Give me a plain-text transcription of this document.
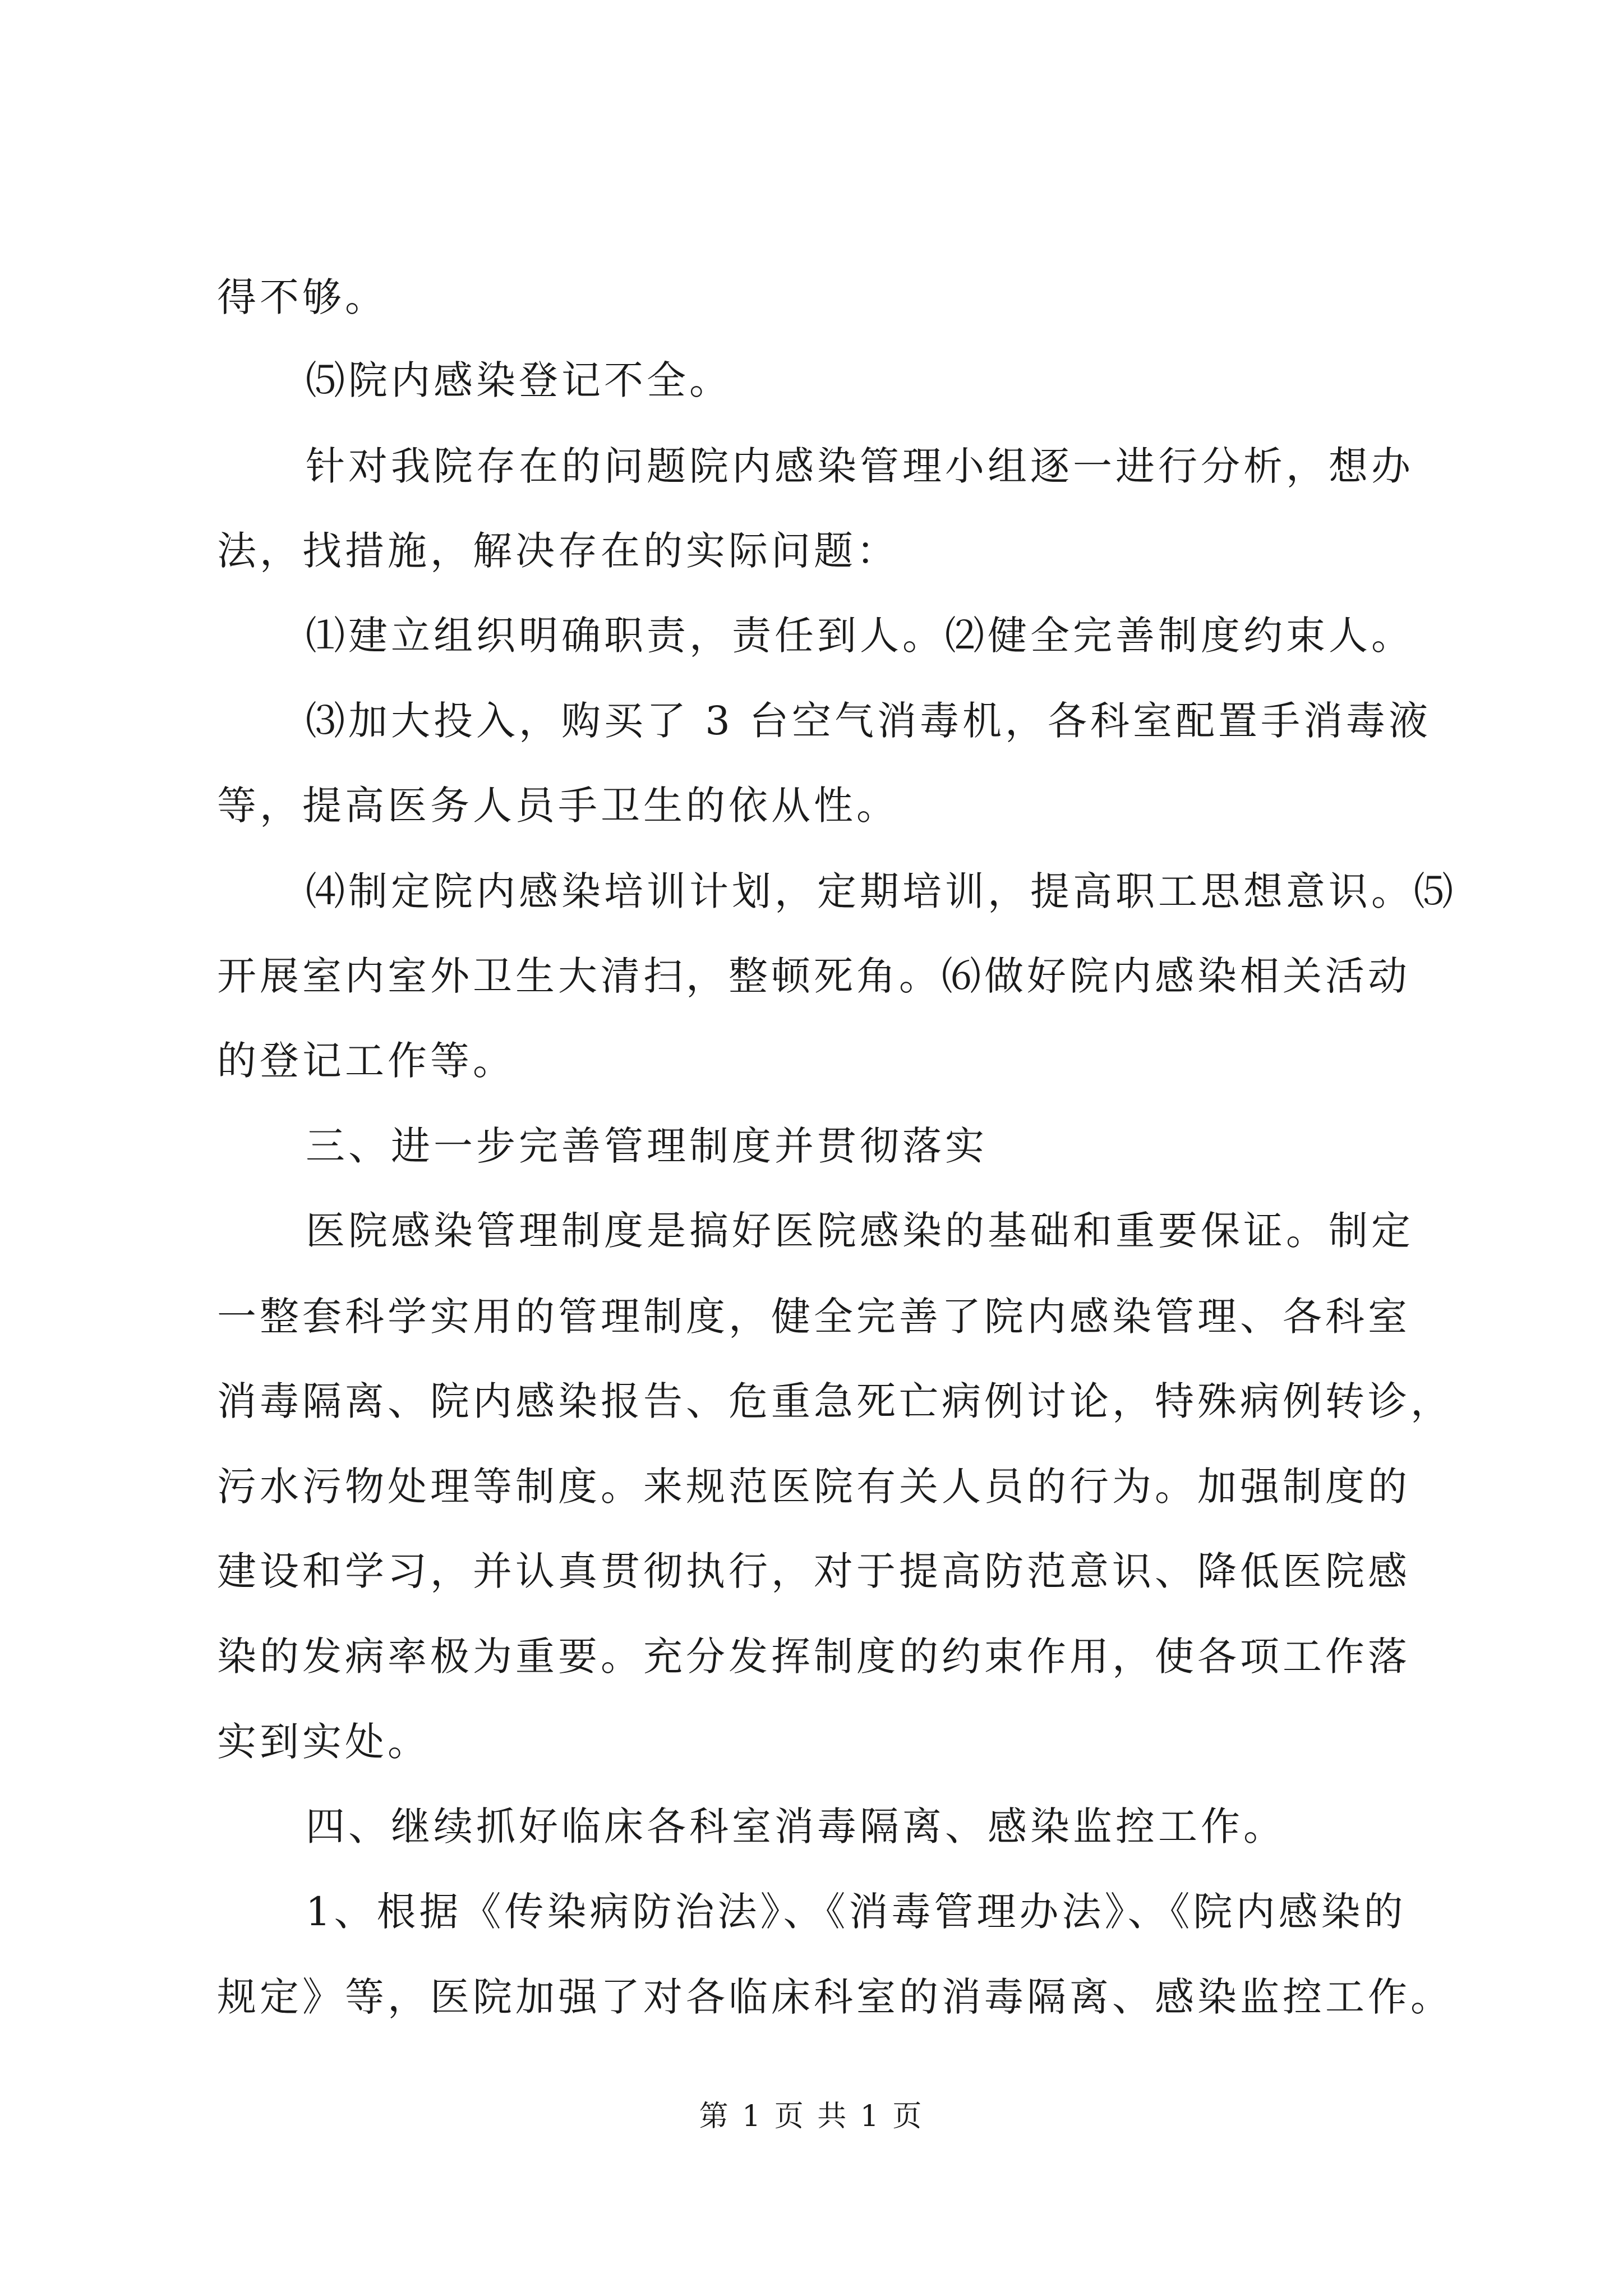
得不够。
⑸院内感染登记不全。
针对我院存在的问题院内感染管理小组逐一进行分析，想办
法，找措施，解决存在的实际问题：
⑴建立组织明确职责，责任到人。⑵健全完善制度约束人。
⑶加大投入，购买了 3 台空气消毒机，各科室配置手消毒液
等，提高医务人员手卫生的依从性。
⑷制定院内感染培训计划，定期培训，提高职工思想意识。⑸
开展室内室外卫生大清扫，整顿死角。⑹做好院内感染相关活动
的登记工作等。
三、进一步完善管理制度并贯彻落实
医院感染管理制度是搞好医院感染的基础和重要保证。制定
一整套科学实用的管理制度，健全完善了院内感染管理、各科室
消毒隔离、院内感染报告、危重急死亡病例讨论，特殊病例转诊，
污水污物处理等制度。来规范医院有关人员的行为。加强制度的
建设和学习，并认真贯彻执行，对于提高防范意识、降低医院感
染的发病率极为重要。充分发挥制度的约束作用，使各项工作落
实到实处。
四、继续抓好临床各科室消毒隔离、感染监控工作。
1、根据《传染病防治法》、《消毒管理办法》、《院内感染的
规定》等，医院加强了对各临床科室的消毒隔离、感染监控工作。
第 1 页 共 1 页
